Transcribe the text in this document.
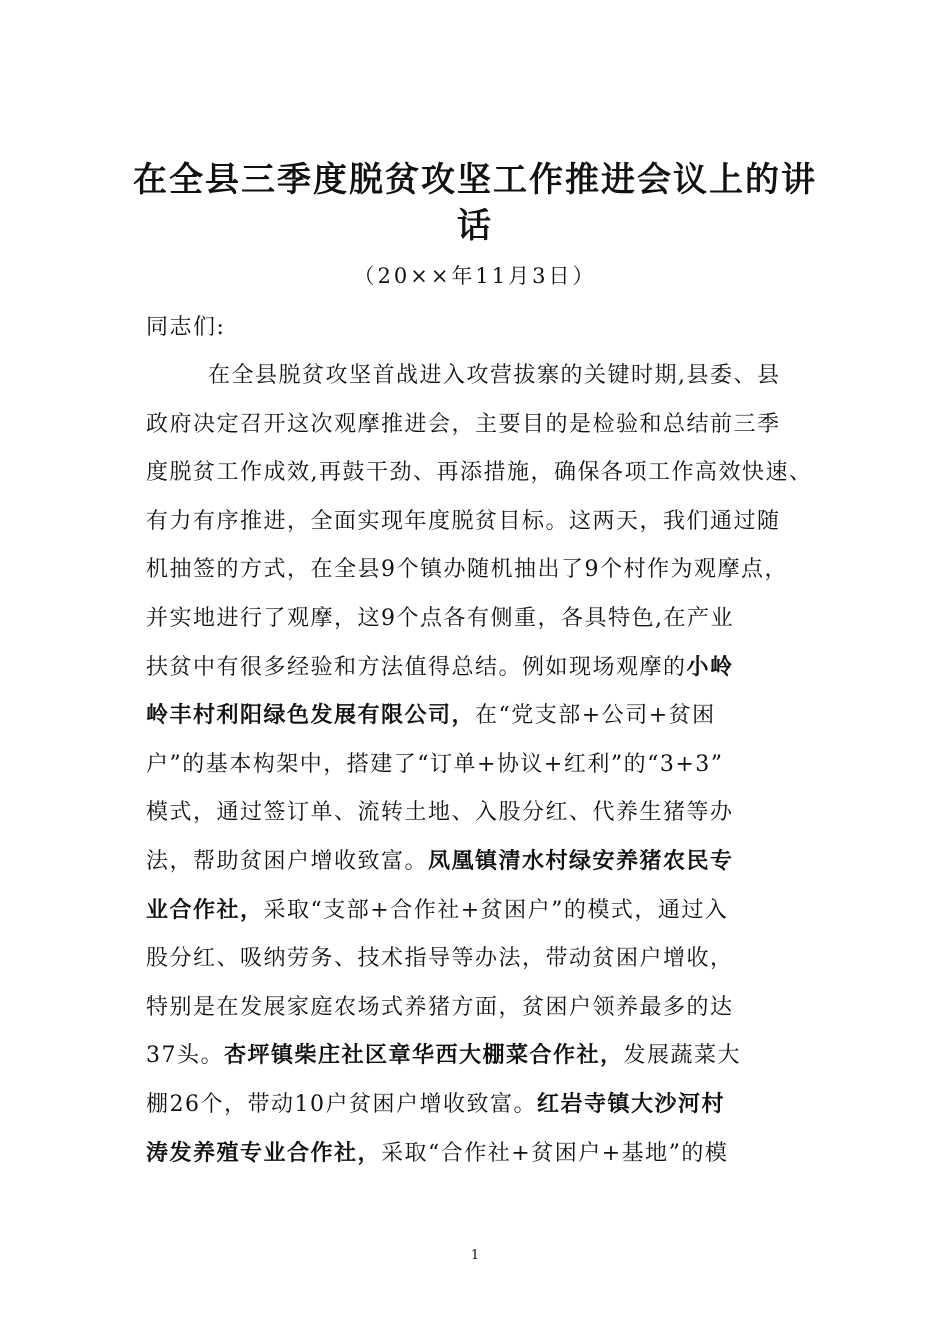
在全县三季度脱贫攻坚工作推进会议上的讲
话
（20××年11月3日）
同志们:
在全县脱贫攻坚首战进入攻营拔寨的关键时期,县委、县
政府决定召开这次观摩推进会，主要目的是检验和总结前三季
度脱贫工作成效,再鼓干劲、再添措施，确保各项工作高效快速、
有力有序推进，全面实现年度脱贫目标。这两天，我们通过随
机抽签的方式，在全县9个镇办随机抽出了9个村作为观摩点，
并实地进行了观摩，这9个点各有侧重，各具特色,在产业
扶贫中有很多经验和方法值得总结。例如现场观摩的小岭
岭丰村利阳绿色发展有限公司，在“党支部+公司+贫困
户”的基本构架中，搭建了“订单+协议+红利”的“3+3”
模式，通过签订单、流转土地、入股分红、代养生猪等办
法，帮助贫困户增收致富。凤凰镇清水村绿安养猪农民专
业合作社，采取“支部+合作社+贫困户”的模式，通过入
股分红、吸纳劳务、技术指导等办法，带动贫困户增收，
特别是在发展家庭农场式养猪方面，贫困户领养最多的达
37头。杏坪镇柴庄社区章华西大棚菜合作社，发展蔬菜大
棚26个，带动10户贫困户增收致富。红岩寺镇大沙河村
涛发养殖专业合作社，采取“合作社+贫困户+基地”的模
1
